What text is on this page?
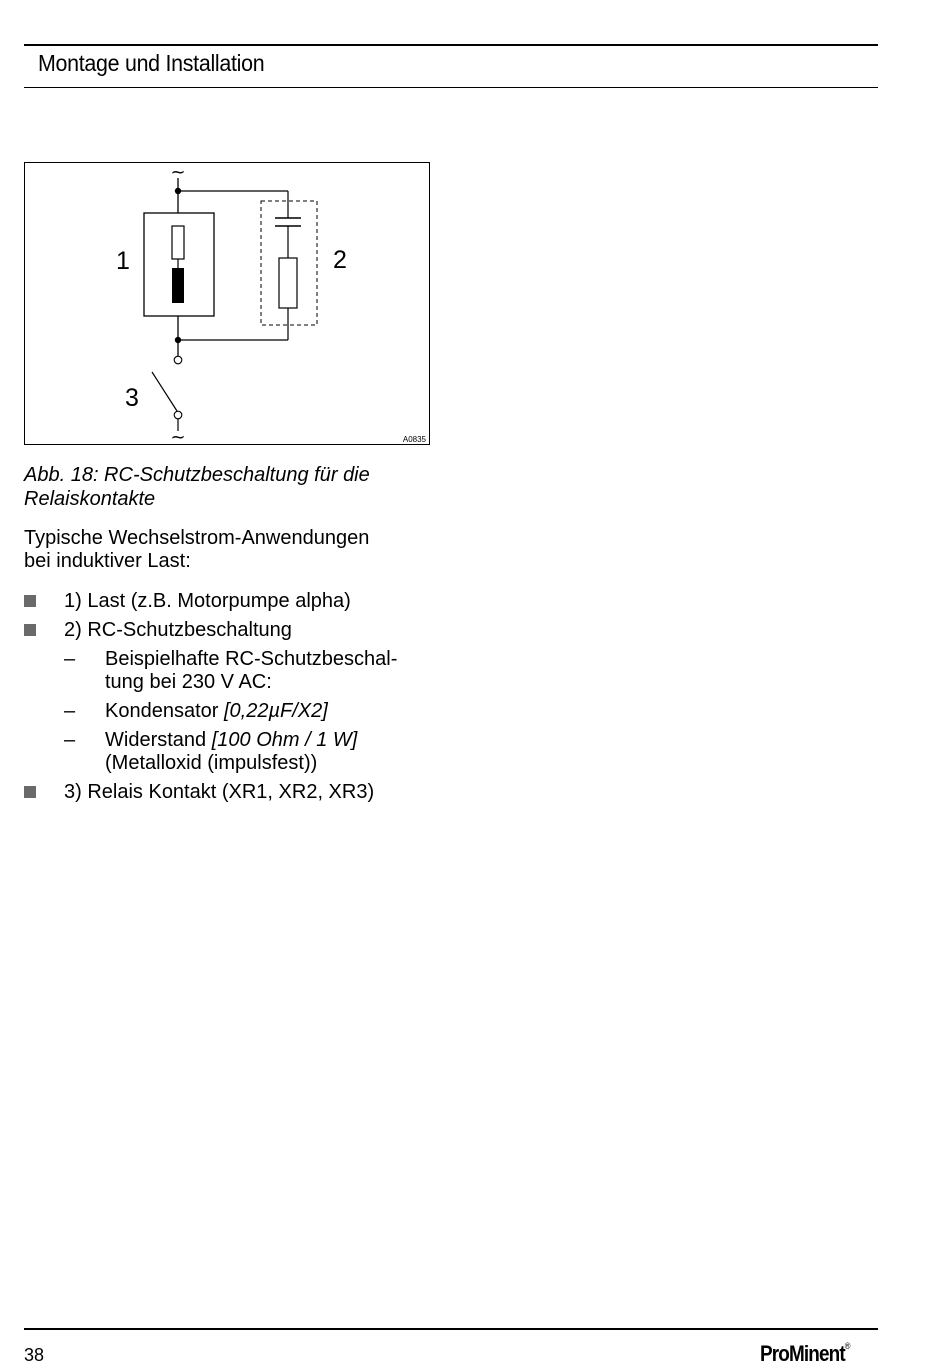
Montage und Installation
~
~
1	2
3
A0835
Abb. 18: RC-Schutzbeschaltung für die
Relaiskontakte
Typische Wechselstrom-Anwendungen
bei induktiver Last:
1) Last (z.B. Motorpumpe alpha)
2) RC-Schutzbeschaltung
– Beispielhafte RC-Schutzbeschal-
tung bei 230 V AC:
– Kondensator [0,22µF/X2]
– Widerstand [100 Ohm / 1 W]
(Metalloxid (impulsfest))
3) Relais Kontakt (XR1, XR2, XR3)
38	ProMinent®
